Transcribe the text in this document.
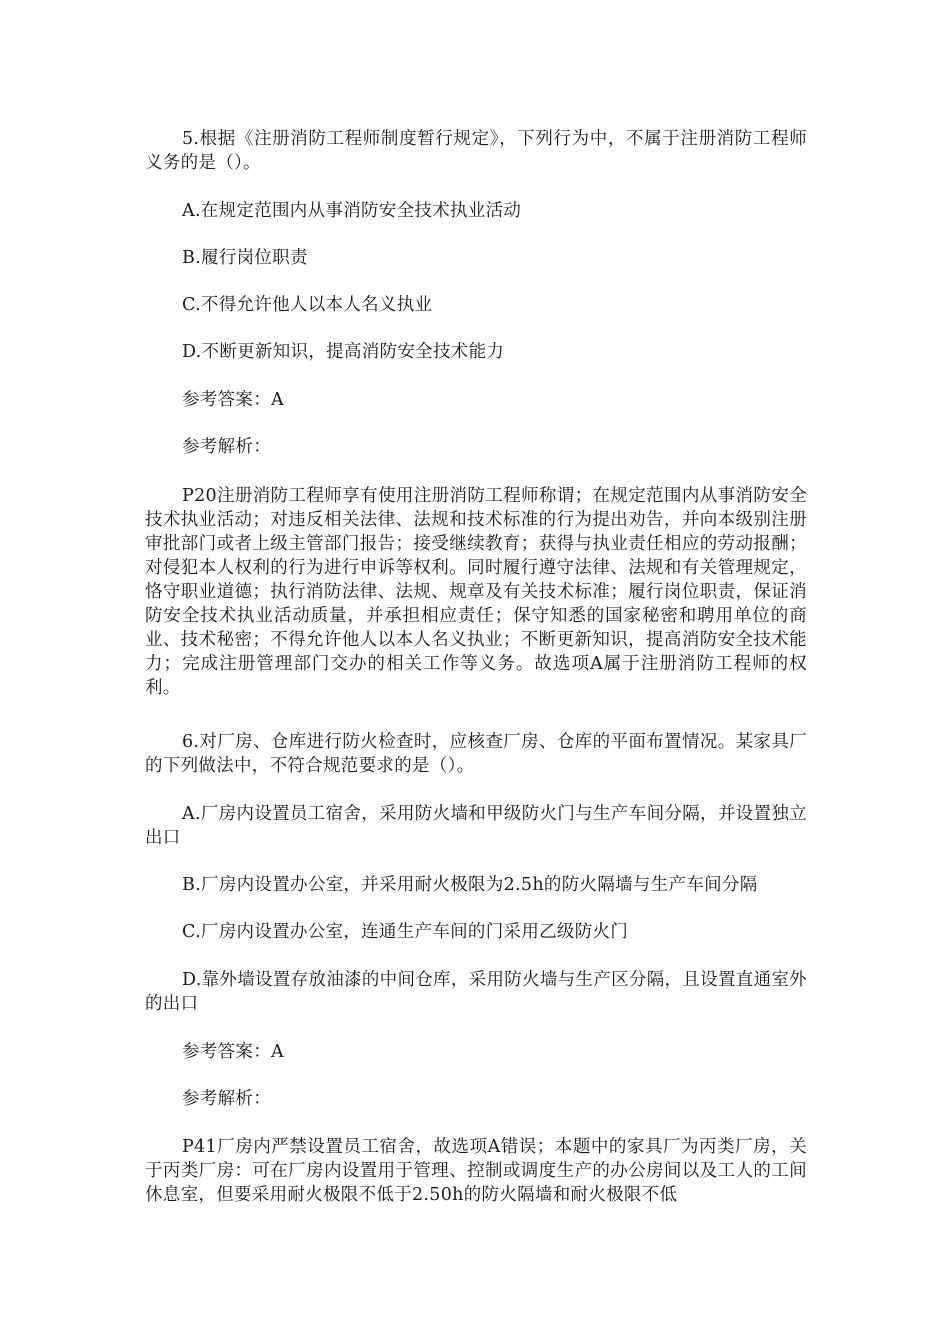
5.根据《注册消防工程师制度暂行规定》，下列行为中，不属于注册消防工程师义务的是（）。

A.在规定范围内从事消防安全技术执业活动

B.履行岗位职责

C.不得允许他人以本人名义执业

D.不断更新知识，提高消防安全技术能力

参考答案：A

参考解析：

P20注册消防工程师享有使用注册消防工程师称谓；在规定范围内从事消防安全技术执业活动；对违反相关法律、法规和技术标准的行为提出劝告，并向本级别注册审批部门或者上级主管部门报告；接受继续教育；获得与执业责任相应的劳动报酬；对侵犯本人权利的行为进行申诉等权利。同时履行遵守法律、法规和有关管理规定，恪守职业道德；执行消防法律、法规、规章及有关技术标准；履行岗位职责，保证消防安全技术执业活动质量，并承担相应责任；保守知悉的国家秘密和聘用单位的商业、技术秘密；不得允许他人以本人名义执业；不断更新知识，提高消防安全技术能力；完成注册管理部门交办的相关工作等义务。故选项A属于注册消防工程师的权利。

6.对厂房、仓库进行防火检查时，应核查厂房、仓库的平面布置情况。某家具厂的下列做法中，不符合规范要求的是（）。

A.厂房内设置员工宿舍，采用防火墙和甲级防火门与生产车间分隔，并设置独立出口

B.厂房内设置办公室，并采用耐火极限为2.5h的防火隔墙与生产车间分隔

C.厂房内设置办公室，连通生产车间的门采用乙级防火门

D.靠外墙设置存放油漆的中间仓库，采用防火墙与生产区分隔，且设置直通室外的出口

参考答案：A

参考解析：

P41厂房内严禁设置员工宿舍，故选项A错误；本题中的家具厂为丙类厂房，关于丙类厂房：可在厂房内设置用于管理、控制或调度生产的办公房间以及工人的工间休息室，但要采用耐火极限不低于2.50h的防火隔墙和耐火极限不低
